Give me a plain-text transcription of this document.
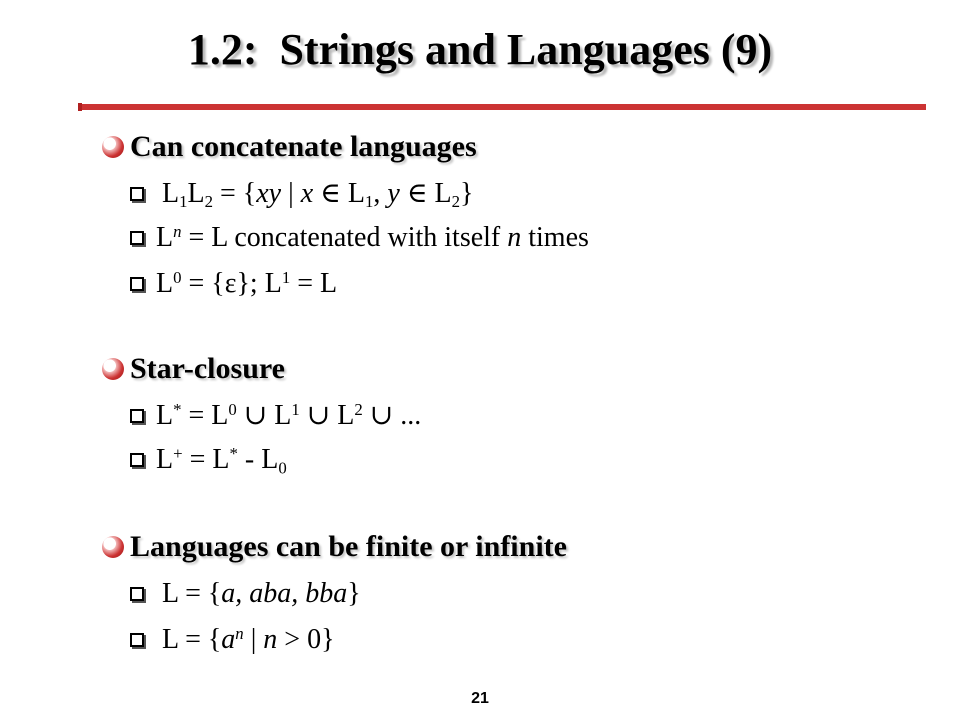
1.2:  Strings and Languages (9)
Can concatenate languages
$L_1L_2 = \{xy$ | x ∈ $L_1$, y ∈ $L_2$}
$L^n = L$ concatenated with itself n times
$L^0 = \{\varepsilon\}$; $L^1 = L$
Star-closure
$L^* = L^0$ ∪ $L^1$ ∪ $L^2$ ∪ ...
$L^+ = L^* - L_0$
Languages can be finite or infinite
L = {a, aba, bba}
$L = \{a^n$ | n > 0}
21
